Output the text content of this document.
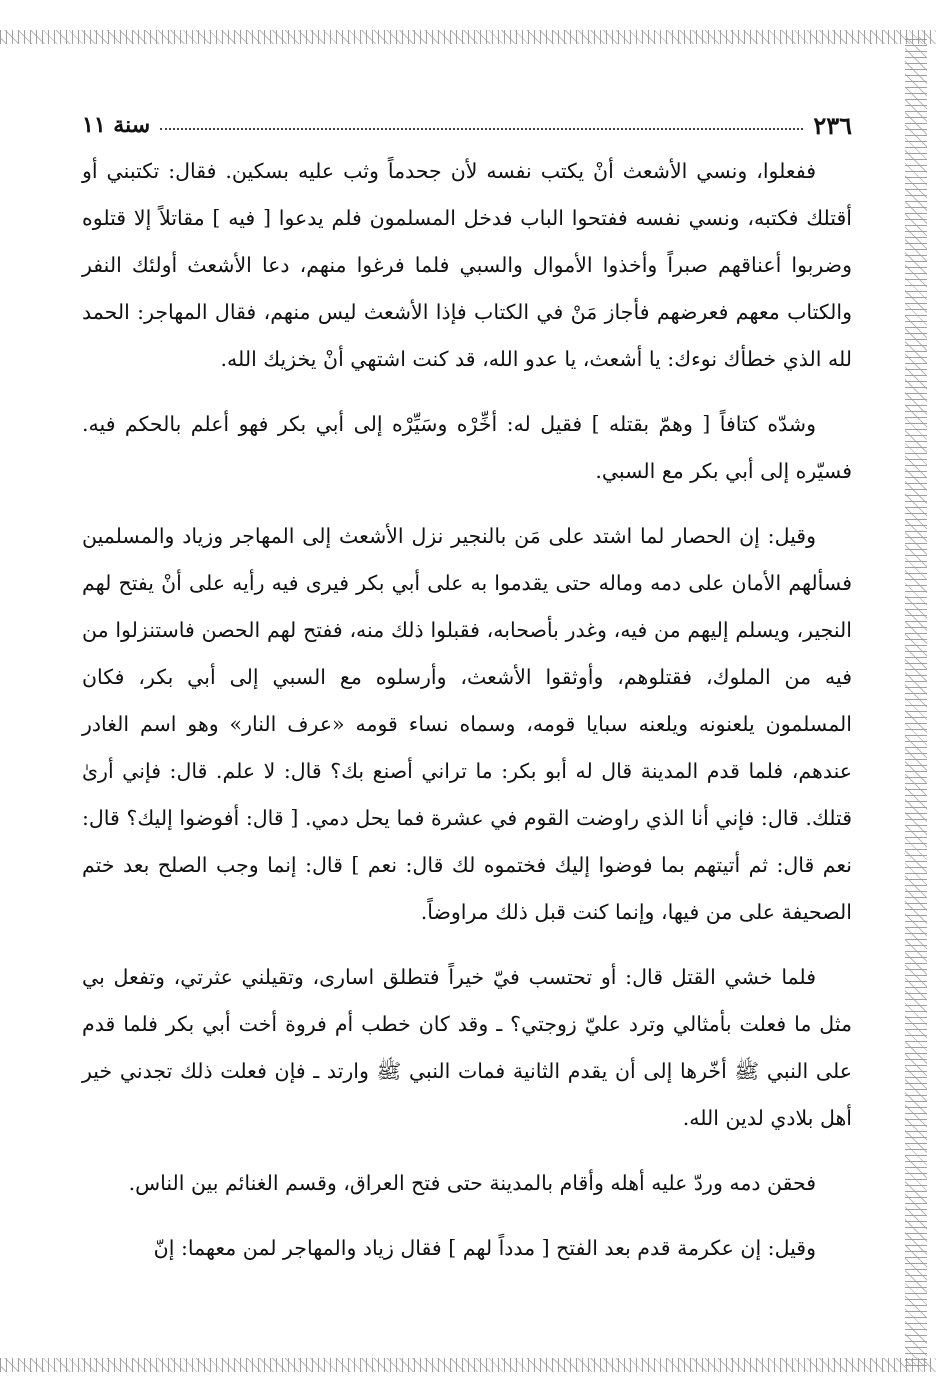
٢٣٦
سنة ١١

ففعلوا، ونسي الأشعث أنْ يكتب نفسه لأن جحدماً وثب عليه بسكين. فقال: تكتبني أو أقتلك فكتبه، ونسي نفسه ففتحوا الباب فدخل المسلمون فلم يدعوا [ فيه ] مقاتلاً إلا قتلوه وضربوا أعناقهم صبراً وأخذوا الأموال والسبي فلما فرغوا منهم، دعا الأشعث أولئك النفر والكتاب معهم فعرضهم فأجاز مَنْ في الكتاب فإذا الأشعث ليس منهم، فقال المهاجر: الحمد لله الذي خطأك نوءك: يا أشعث، يا عدو الله، قد كنت اشتهي أنْ يخزيك الله.

وشدّه كتافاً [ وهمّ بقتله ] فقيل له: أخِّرْه وسَيِّرْه إلى أبي بكر فهو أعلم بالحكم فيه. فسيّره إلى أبي بكر مع السبي.

وقيل: إن الحصار لما اشتد على مَن بالنجير نزل الأشعث إلى المهاجر وزياد والمسلمين فسألهم الأمان على دمه وماله حتى يقدموا به على أبي بكر فيرى فيه رأيه على أنْ يفتح لهم النجير، ويسلم إليهم من فيه، وغدر بأصحابه، فقبلوا ذلك منه، ففتح لهم الحصن فاستنزلوا من فيه من الملوك، فقتلوهم، وأوثقوا الأشعث، وأرسلوه مع السبي إلى أبي بكر، فكان المسلمون يلعنونه ويلعنه سبايا قومه، وسماه نساء قومه «عرف النار» وهو اسم الغادر عندهم، فلما قدم المدينة قال له أبو بكر: ما تراني أصنع بك؟ قال: لا علم. قال: فإني أرىٰ قتلك. قال: فإني أنا الذي راوضت القوم في عشرة فما يحل دمي. [ قال: أفوضوا إليك؟ قال: نعم قال: ثم أتيتهم بما فوضوا إليك فختموه لك قال: نعم ] قال: إنما وجب الصلح بعد ختم الصحيفة على من فيها، وإنما كنت قبل ذلك مراوضاً.

فلما خشي القتل قال: أو تحتسب فيّ خيراً فتطلق اسارى، وتقيلني عثرتي، وتفعل بي مثل ما فعلت بأمثالي وترد عليّ زوجتي؟ ـ وقد كان خطب أم فروة أخت أبي بكر فلما قدم على النبي ﷺ أخّرها إلى أن يقدم الثانية فمات النبي ﷺ وارتد ـ فإن فعلت ذلك تجدني خير أهل بلادي لدين الله.

فحقن دمه وردّ عليه أهله وأقام بالمدينة حتى فتح العراق، وقسم الغنائم بين الناس.

وقيل: إن عكرمة قدم بعد الفتح [ مدداً لهم ] فقال زياد والمهاجر لمن معهما: إنّ
